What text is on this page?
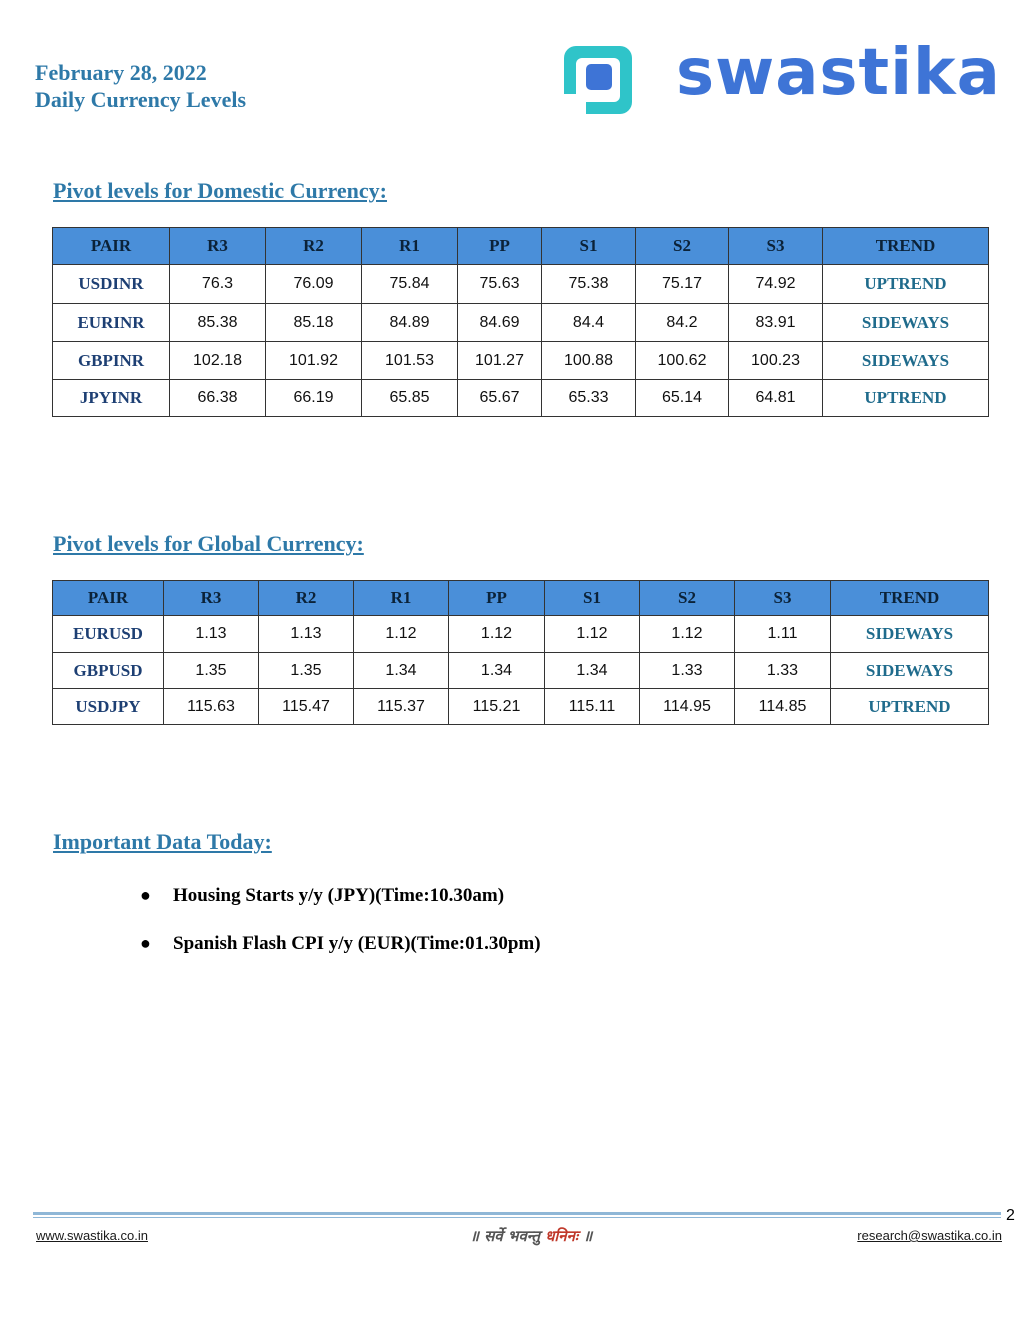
February 28, 2022
Daily Currency Levels	swastika
Pivot levels for Domestic Currency:
PAIR	R3	R2	R1	PP	S1	S2	S3	TREND
USDINR	76.3	76.09	75.84	75.63	75.38	75.17	74.92	UPTREND
EURINR	85.38	85.18	84.89	84.69	84.4	84.2	83.91	SIDEWAYS
GBPINR	102.18	101.92	101.53	101.27	100.88	100.62	100.23	SIDEWAYS
JPYINR	66.38	66.19	65.85	65.67	65.33	65.14	64.81	UPTREND
Pivot levels for Global Currency:
PAIR	R3	R2	R1	PP	S1	S2	S3	TREND
EURUSD	1.13	1.13	1.12	1.12	1.12	1.12	1.11	SIDEWAYS
GBPUSD	1.35	1.35	1.34	1.34	1.34	1.33	1.33	SIDEWAYS
USDJPY	115.63	115.47	115.37	115.21	115.11	114.95	114.85	UPTREND
Important Data Today:
●	Housing Starts y/y (JPY)(Time:10.30am)
●	Spanish Flash CPI y/y (EUR)(Time:01.30pm)
2
www.swastika.co.in	॥ सर्वे भवन्तु धनिनः ॥	research@swastika.co.in
